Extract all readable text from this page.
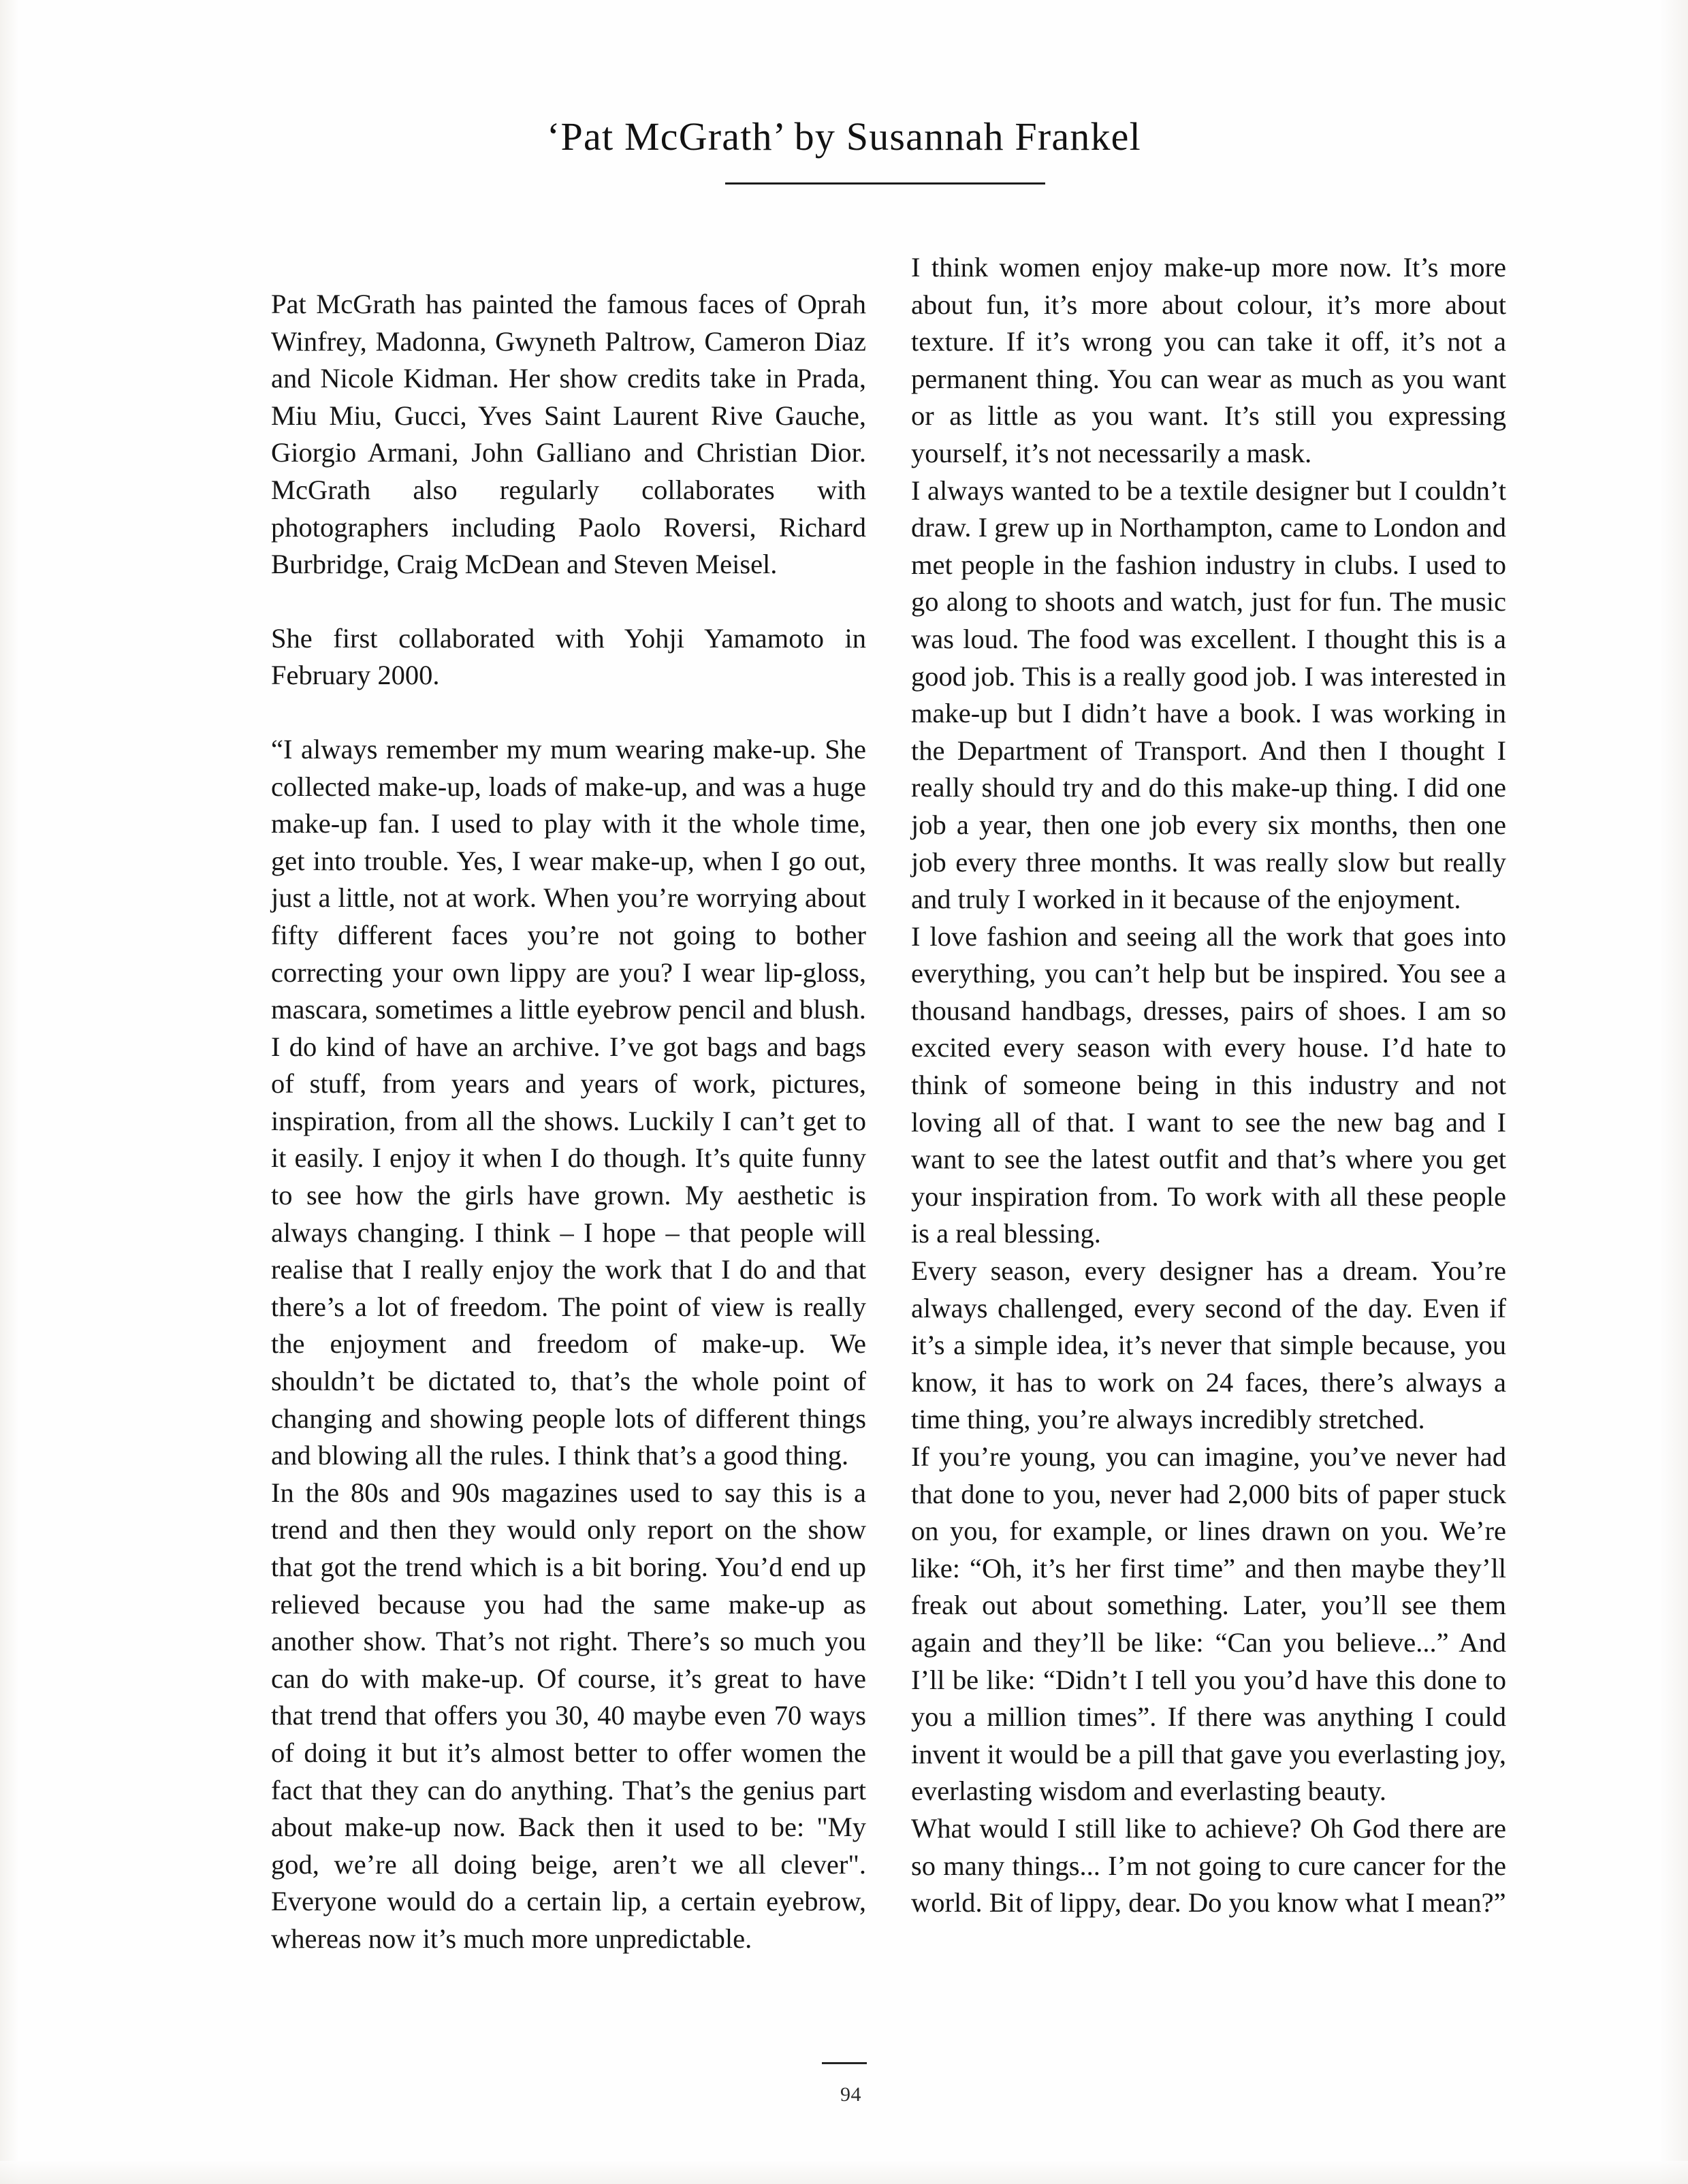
‘Pat McGrath’ by Susannah Frankel

Pat McGrath has painted the famous faces of Oprah Winfrey, Madonna, Gwyneth Paltrow, Cameron Diaz and Nicole Kidman. Her show credits take in Prada, Miu Miu, Gucci, Yves Saint Laurent Rive Gauche, Giorgio Armani, John Galliano and Christian Dior. McGrath also regularly collaborates with photographers including Paolo Roversi, Richard Burbridge, Craig McDean and Steven Meisel.

She first collaborated with Yohji Yamamoto in February 2000.

“I always remember my mum wearing make-up. She collected make-up, loads of make-up, and was a huge make-up fan. I used to play with it the whole time, get into trouble. Yes, I wear make-up, when I go out, just a little, not at work. When you’re worrying about fifty different faces you’re not going to bother correcting your own lippy are you? I wear lip-gloss, mascara, sometimes a little eyebrow pencil and blush.

I do kind of have an archive. I’ve got bags and bags of stuff, from years and years of work, pictures, inspiration, from all the shows. Luckily I can’t get to it easily. I enjoy it when I do though. It’s quite funny to see how the girls have grown. My aesthetic is always changing. I think – I hope – that people will realise that I really enjoy the work that I do and that there’s a lot of freedom. The point of view is really the enjoyment and freedom of make-up. We shouldn’t be dictated to, that’s the whole point of changing and showing people lots of different things and blowing all the rules. I think that’s a good thing.

In the 80s and 90s magazines used to say this is a trend and then they would only report on the show that got the trend which is a bit boring. You’d end up relieved because you had the same make-up as another show. That’s not right. There’s so much you can do with make-up. Of course, it’s great to have that trend that offers you 30, 40 maybe even 70 ways of doing it but it’s almost better to offer women the fact that they can do anything. That’s the genius part about make-up now. Back then it used to be: "My god, we’re all doing beige, aren’t we all clever". Everyone would do a certain lip, a certain eyebrow, whereas now it’s much more unpredictable.

I think women enjoy make-up more now. It’s more about fun, it’s more about colour, it’s more about texture. If it’s wrong you can take it off, it’s not a permanent thing. You can wear as much as you want or as little as you want. It’s still you expressing yourself, it’s not necessarily a mask.

I always wanted to be a textile designer but I couldn’t draw. I grew up in Northampton, came to London and met people in the fashion industry in clubs. I used to go along to shoots and watch, just for fun. The music was loud. The food was excellent. I thought this is a good job. This is a really good job. I was interested in make-up but I didn’t have a book. I was working in the Department of Transport. And then I thought I really should try and do this make-up thing. I did one job a year, then one job every six months, then one job every three months. It was really slow but really and truly I worked in it because of the enjoyment.

I love fashion and seeing all the work that goes into everything, you can’t help but be inspired. You see a thousand handbags, dresses, pairs of shoes. I am so excited every season with every house. I’d hate to think of someone being in this industry and not loving all of that. I want to see the new bag and I want to see the latest outfit and that’s where you get your inspiration from. To work with all these people is a real blessing.

Every season, every designer has a dream. You’re always challenged, every second of the day. Even if it’s a simple idea, it’s never that simple because, you know, it has to work on 24 faces, there’s always a time thing, you’re always incredibly stretched.

If you’re young, you can imagine, you’ve never had that done to you, never had 2,000 bits of paper stuck on you, for example, or lines drawn on you. We’re like: “Oh, it’s her first time” and then maybe they’ll freak out about something. Later, you’ll see them again and they’ll be like: “Can you believe...” And I’ll be like: “Didn’t I tell you you’d have this done to you a million times”. If there was anything I could invent it would be a pill that gave you everlasting joy, everlasting wisdom and everlasting beauty.

What would I still like to achieve? Oh God there are so many things... I’m not going to cure cancer for the world. Bit of lippy, dear. Do you know what I mean?”

94
